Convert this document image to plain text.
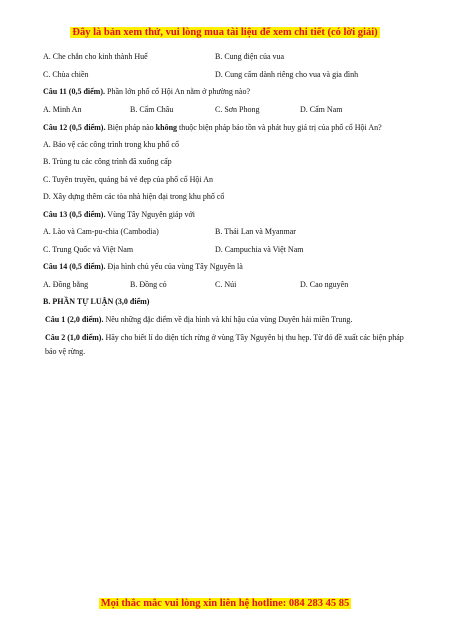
Đây là bản xem thử, vui lòng mua tài liệu để xem chi tiết (có lời giải)
A. Che chắn cho kinh thành Huế	B. Cung điện của vua
C. Chùa chiền	D. Cung cấm dành riêng cho vua và gia đình
Câu 11 (0,5 điểm). Phần lớn phố cổ Hội An nằm ở phường nào?
A. Minh An	B. Cẩm Châu	C. Sơn Phong	D. Cẩm Nam
Câu 12 (0,5 điểm). Biện pháp nào không thuộc biện pháp bảo tồn và phát huy giá trị của phố cổ Hội An?
A. Bảo vệ các công trình trong khu phố cổ
B. Trùng tu các công trình đã xuống cấp
C. Tuyên truyền, quảng bá vẻ đẹp của phố cổ Hội An
D. Xây dựng thêm các tòa nhà hiện đại trong khu phố cổ
Câu 13 (0,5 điểm). Vùng Tây Nguyên giáp với
A. Lào và Cam-pu-chia (Cambodia)	B. Thái Lan và Myanmar
C. Trung Quốc và Việt Nam	D. Campuchia và Việt Nam
Câu 14 (0,5 điểm). Địa hình chủ yếu của vùng Tây Nguyên là
A. Đồng bằng	B. Đồng cỏ	C. Núi	D. Cao nguyên
B. PHẦN TỰ LUẬN (3,0 điểm)
Câu 1 (2,0 điểm). Nêu những đặc điểm về địa hình và khí hậu của vùng Duyên hải miền Trung.
Câu 2 (1,0 điểm). Hãy cho biết lí do diện tích rừng ở vùng Tây Nguyên bị thu hẹp. Từ đó đề xuất các biện pháp bảo vệ rừng.
Mọi thắc mắc vui lòng xin liên hệ hotline: 084 283 45 85
